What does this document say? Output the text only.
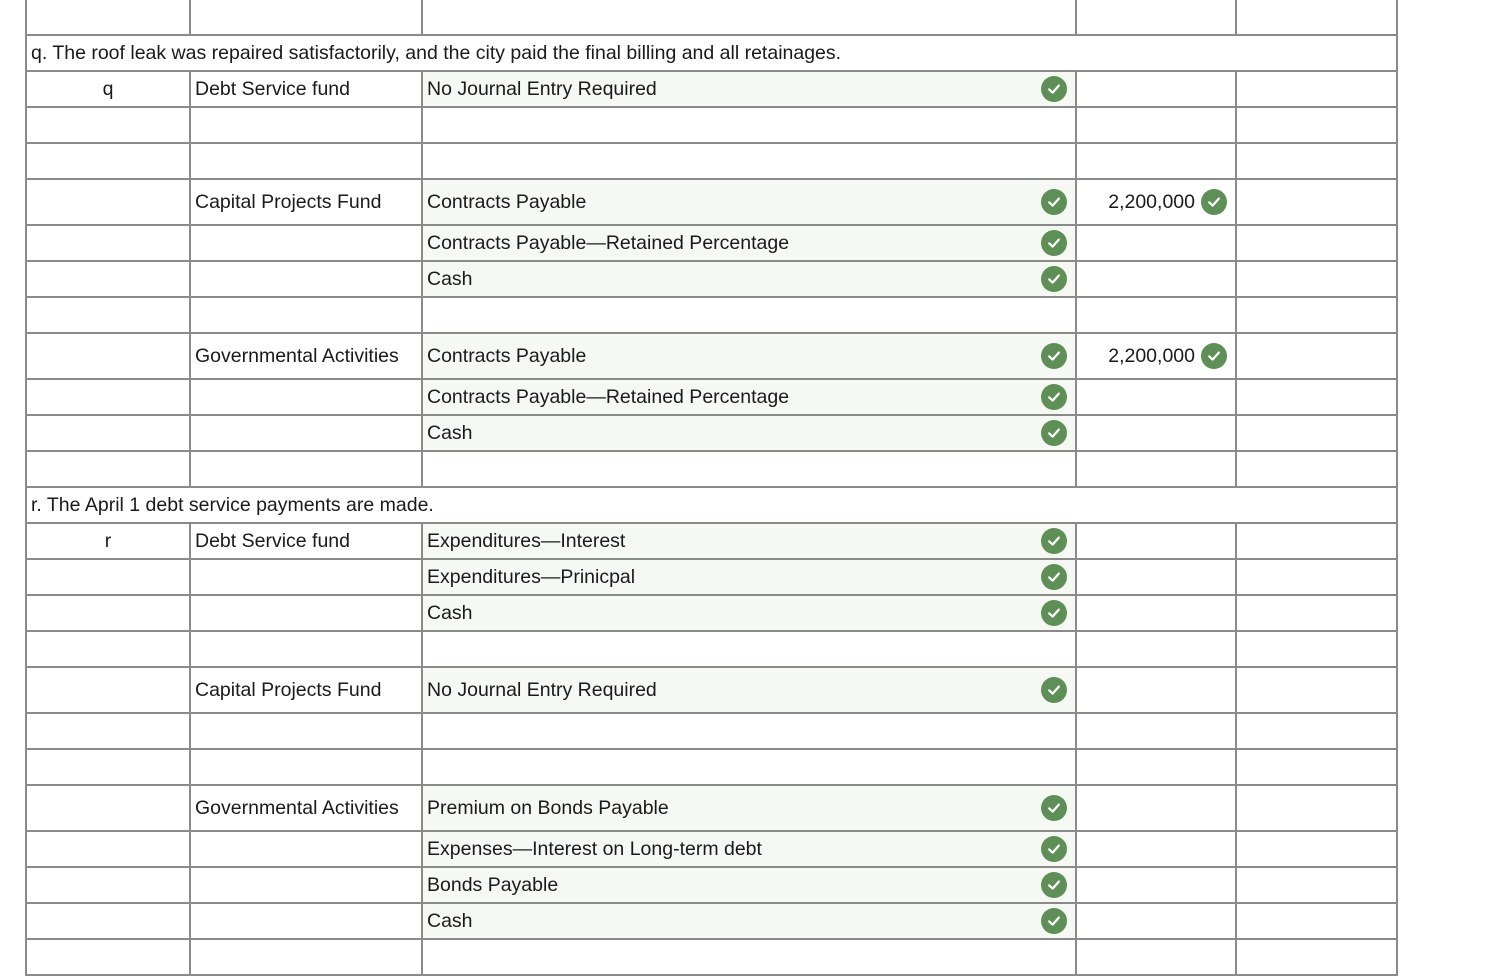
q. The roof leak was repaired satisfactorily, and the city paid the final billing and all retainages.				
q	Debt Service fund	No Journal Entry Required

	Capital Projects Fund	Contracts Payable	2,200,000

		Contracts Payable—Retained Percentage

		Cash

	Governmental Activities	Contracts Payable	2,200,000

		Contracts Payable—Retained Percentage

		Cash

r. The April 1 debt service payments are made.				
r	Debt Service fund	Expenditures—Interest

		Expenditures—Prinicpal

		Cash

	Capital Projects Fund	No Journal Entry Required

	Governmental Activities	Premium on Bonds Payable

		Expenses—Interest on Long-term debt

		Bonds Payable

		Cash
